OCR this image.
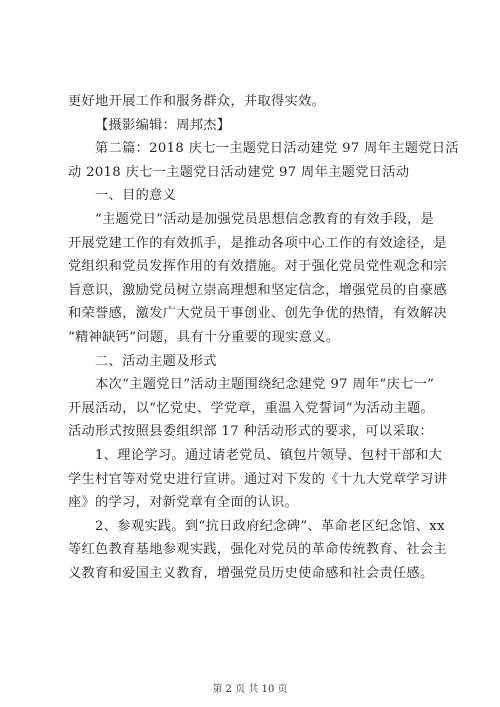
更好地开展工作和服务群众，并取得实效。
【摄影编辑：周邦杰】
第二篇：2018 庆七一主题党日活动建党 97 周年主题党日活
动 2018 庆七一主题党日活动建党 97 周年主题党日活动
一、目的意义
“主题党日”活动是加强党员思想信念教育的有效手段，是
开展党建工作的有效抓手，是推动各项中心工作的有效途径，是
党组织和党员发挥作用的有效措施。对于强化党员党性观念和宗
旨意识，激励党员树立崇高理想和坚定信念，增强党员的自豪感
和荣誉感，激发广大党员干事创业、创先争优的热情，有效解决
“精神缺钙”问题，具有十分重要的现实意义。
二、活动主题及形式
本次“主题党日”活动主题围绕纪念建党 97 周年“庆七一”
开展活动，以“忆党史、学党章，重温入党誓词”为活动主题。
活动形式按照县委组织部 17 种活动形式的要求，可以采取：
1、理论学习。通过请老党员、镇包片领导、包村干部和大
学生村官等对党史进行宣讲。通过对下发的《十九大党章学习讲
座》的学习，对新党章有全面的认识。
2、参观实践。到“抗日政府纪念碑”、革命老区纪念馆、xx
等红色教育基地参观实践，强化对党员的革命传统教育、社会主
义教育和爱国主义教育，增强党员历史使命感和社会责任感。
第 2 页 共 10 页
